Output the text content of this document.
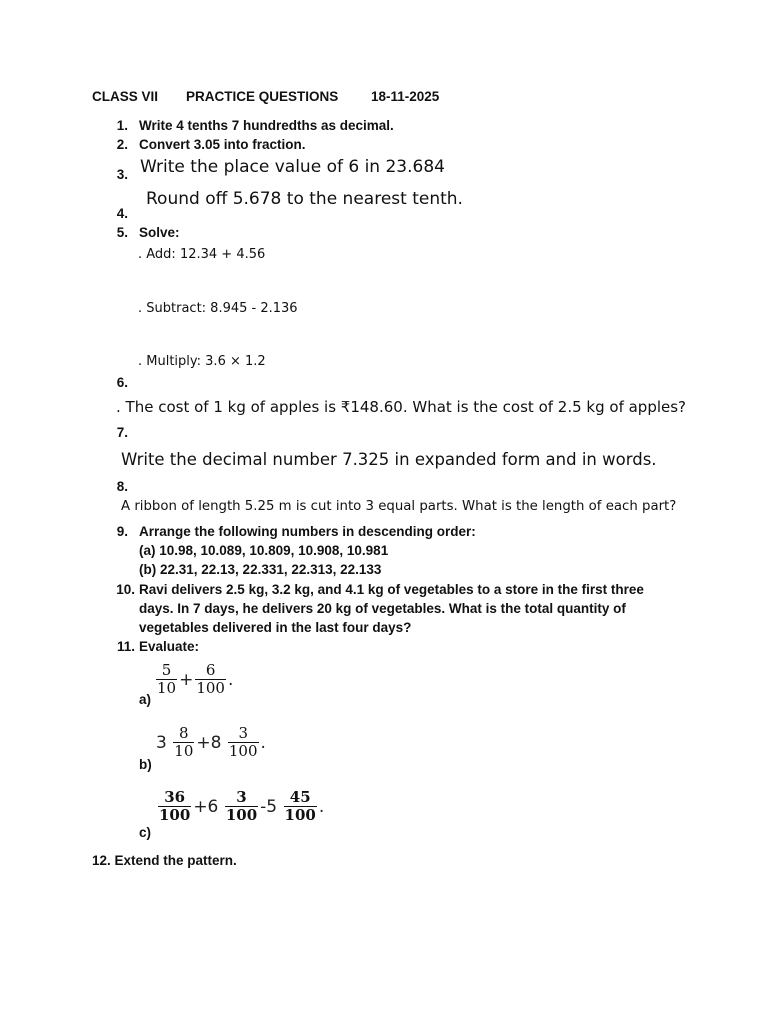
CLASS VII PRACTICE QUESTIONS 18-11-2025
1. Write 4 tenths 7 hundredths as decimal.
2. Convert 3.05 into fraction.
3. Write the place value of 6 in 23.684
Round off 5.678 to the nearest tenth.
4.
5. Solve:
. Add: 12.34 + 4.56
. Subtract: 8.945 - 2.136
. Multiply: 3.6 × 1.2
6.
. The cost of 1 kg of apples is ₹148.60. What is the cost of 2.5 kg of apples?
7.
Write the decimal number 7.325 in expanded form and in words.
8.
A ribbon of length 5.25 m is cut into 3 equal parts. What is the length of each part?
9. Arrange the following numbers in descending order:
(a) 10.98, 10.089, 10.809, 10.908, 10.981
(b) 22.31, 22.13, 22.331, 22.313, 22.133
10. Ravi delivers 2.5 kg, 3.2 kg, and 4.1 kg of vegetables to a store in the first three
days. In 7 days, he delivers 20 kg of vegetables. What is the total quantity of
vegetables delivered in the last four days?
11. Evaluate:
$\frac{5}{10} + \frac{6}{100}$ .
a)
$3 \frac{8}{10} +8 \frac{3}{100}$ .
b)
$\frac{36}{100} +6 \frac{3}{100} -5 \frac{45}{100}$ .
c)
12. Extend the pattern.
